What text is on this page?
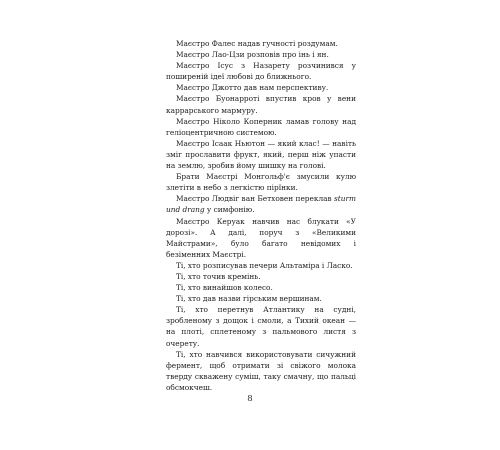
Маєстро Фалес надав гучності роздумам.

Маєстро Лао-Цзи розповів про інь і ян.

Маєстро Ісус з Назарету розчинився у поширеній ідеї любові до ближнього.

Маєстро Джотто дав нам перспективу.

Маєстро Буонарроті впустив кров у вени каррарського мармуру.

Маєстро Ніколо Коперник ламав голову над геліоцентричною системою.

Маєстро Ісаак Ньютон — який клас! — навіть зміг прославити фрукт, який, перш ніж упасти на землю, зробив йому шишку на голові.

Брати Маєстрі Монгольф'є змусили кулю злетіти в небо з легкістю пірїнки.

Маєстро Людвіг ван Бетховен переклав sturm und drang у симфонію.

Маєстро Керуак навчив нас блукати «У дорозі». А далі, поруч з «Великими Майстрами», було багато невідомих і безіменних Маєстрі.

Ті, хто розписував печери Альтаміра і Ласко.

Ті, хто точив кремінь.

Ті, хто винайшов колесо.

Ті, хто дав назви гірським вершинам.

Ті, хто перетнув Атлантику на судні, зробленому з дощок і смоли, а Тихий океан — на плоті, сплетеному з пальмового листя з очерету.

Ті, хто навчився використовувати сичужний фермент, щоб отримати зі свіжого молока тверду скважену суміш, таку смачну, що пальці обсмокчеш.

8
